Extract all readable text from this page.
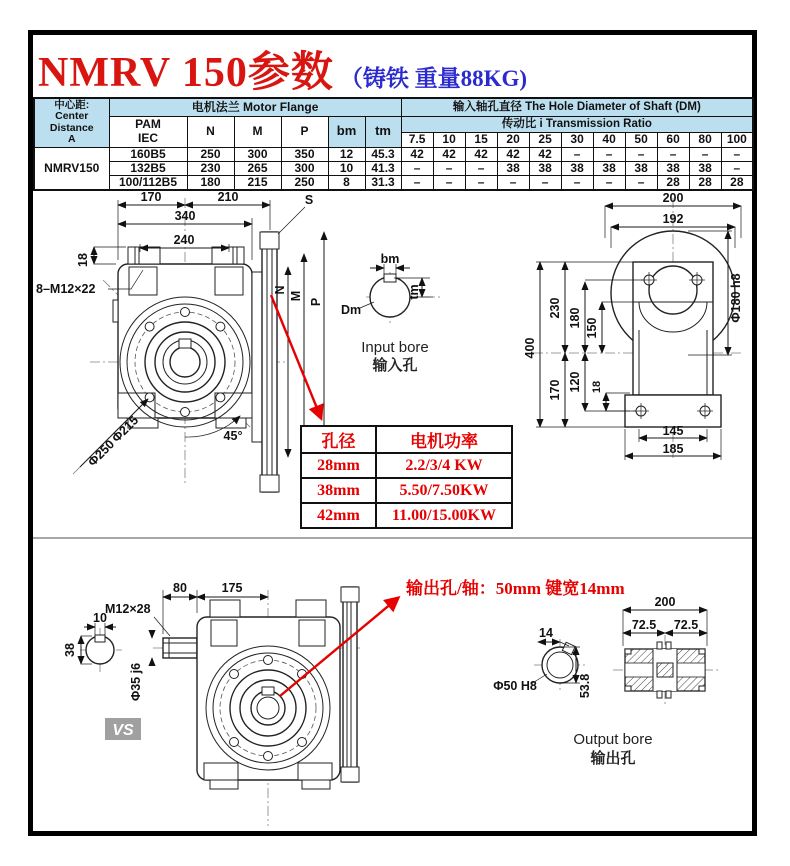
NMRV 150参数 （铸铁 重量88KG)
中心距:
Center Distance
A	电机法兰 Motor Flange						输入轴孔直径 The Hole Diameter of Shaft (DM)										
	PAM
IEC	N	M	P	bm	tm	传动比 i Transmission Ratio										
							7.5	10	15	20	25	30	40	50	60	80	100
NMRV150	160B5	250	300	350	12	45.3	42	42	42	42	42	–	–	–	–	–	–
	132B5	230	265	300	10	41.3	–	–	–	38	38	38	38	38	38	38	–
	100/112B5	180	215	250	8	31.3	–	–	–	–	–	–	–	–	28	28	28
45°
170	210
340
240
18
8–M12×22
S
N
M
P
Φ215
Φ250
bm
tm
Dm
Input bore
输入孔
200
192
400
230 180 150
170 120 18
Φ180 h8
145
185
孔径	电机功率
28mm	2.2/3/4 KW
38mm	5.50/7.50KW
42mm	11.00/15.00KW
10
38
M12×28
80	175
Φ35 j6
输出孔/轴：50mm 键宽14mm
VS
14
Φ50 H8	53.8
200
72.5 72.5
Output bore
输出孔
